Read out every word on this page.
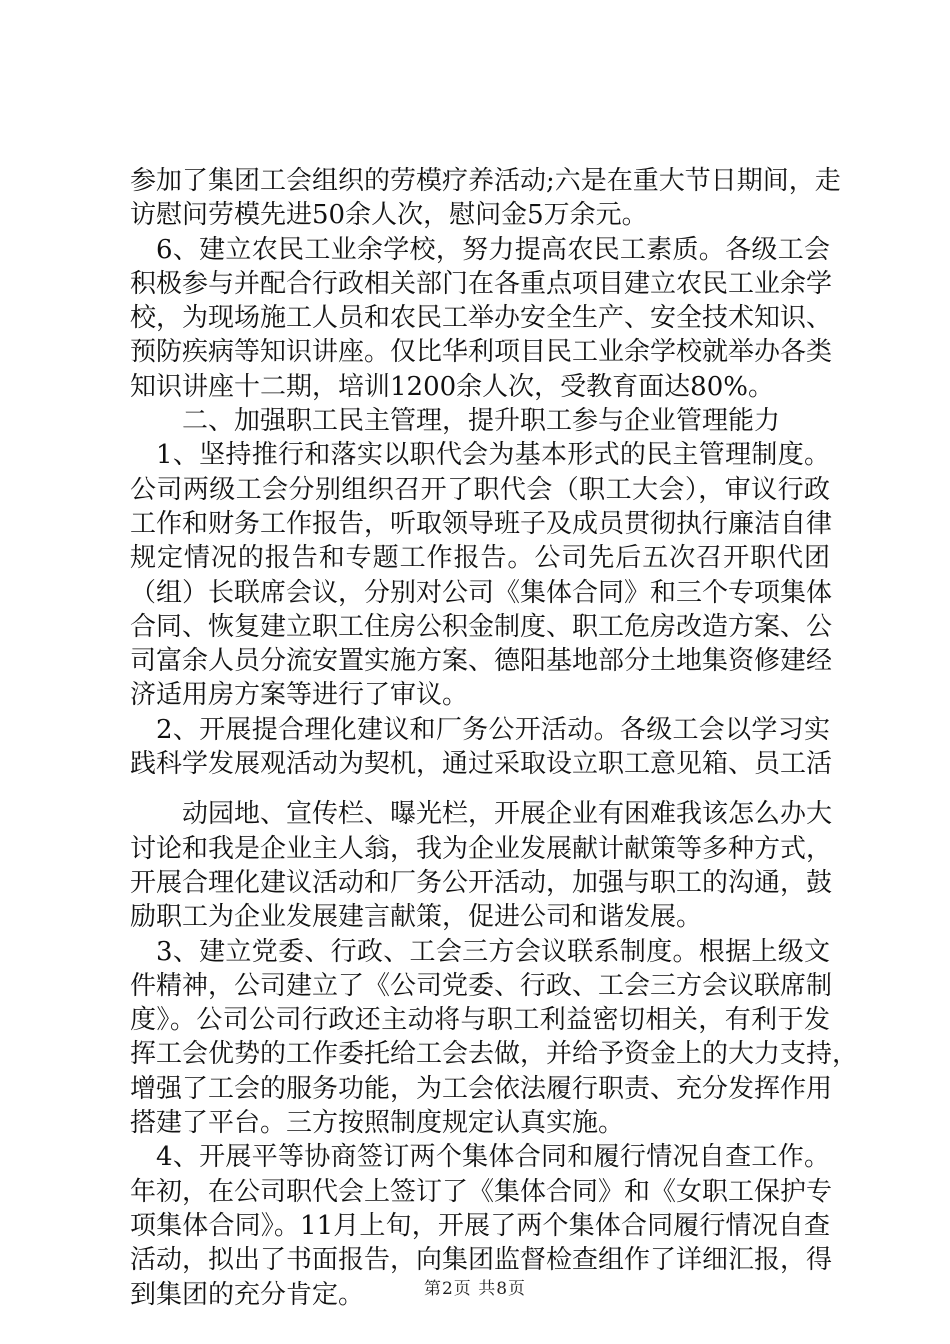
参加了集团工会组织的劳模疗养活动;六是在重大节日期间，走
访慰问劳模先进50余人次，慰问金5万余元。
6、建立农民工业余学校，努力提高农民工素质。各级工会
积极参与并配合行政相关部门在各重点项目建立农民工业余学
校，为现场施工人员和农民工举办安全生产、安全技术知识、
预防疾病等知识讲座。仅比华利项目民工业余学校就举办各类
知识讲座十二期，培训1200余人次，受教育面达80%。
二、加强职工民主管理，提升职工参与企业管理能力
1、坚持推行和落实以职代会为基本形式的民主管理制度。
公司两级工会分别组织召开了职代会（职工大会），审议行政
工作和财务工作报告，听取领导班子及成员贯彻执行廉洁自律
规定情况的报告和专题工作报告。公司先后五次召开职代团
（组）长联席会议，分别对公司《集体合同》和三个专项集体
合同、恢复建立职工住房公积金制度、职工危房改造方案、公
司富余人员分流安置实施方案、德阳基地部分土地集资修建经
济适用房方案等进行了审议。
2、开展提合理化建议和厂务公开活动。各级工会以学习实
践科学发展观活动为契机，通过采取设立职工意见箱、员工活
动园地、宣传栏、曝光栏，开展企业有困难我该怎么办大
讨论和我是企业主人翁，我为企业发展献计献策等多种方式，
开展合理化建议活动和厂务公开活动，加强与职工的沟通，鼓
励职工为企业发展建言献策，促进公司和谐发展。
3、建立党委、行政、工会三方会议联系制度。根据上级文
件精神，公司建立了《公司党委、行政、工会三方会议联席制
度》。公司公司行政还主动将与职工利益密切相关，有利于发
挥工会优势的工作委托给工会去做，并给予资金上的大力支持，
增强了工会的服务功能，为工会依法履行职责、充分发挥作用
搭建了平台。三方按照制度规定认真实施。
4、开展平等协商签订两个集体合同和履行情况自查工作。
年初，在公司职代会上签订了《集体合同》和《女职工保护专
项集体合同》。11月上旬，开展了两个集体合同履行情况自查
活动，拟出了书面报告，向集团监督检查组作了详细汇报，得
到集团的充分肯定。	第2页 共8页
